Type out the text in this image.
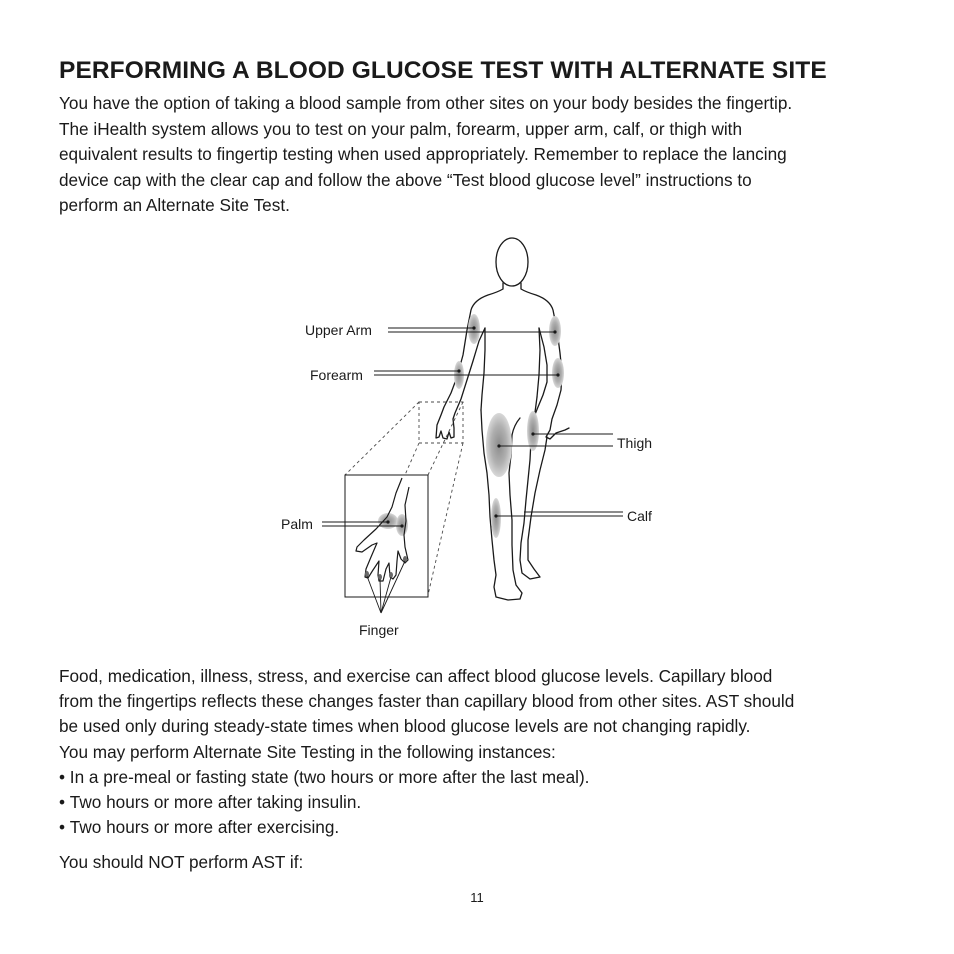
PERFORMING A BLOOD GLUCOSE TEST WITH ALTERNATE SITE

You have the option of taking a blood sample from other sites on your body besides the fingertip.
The iHealth system allows you to test on your palm, forearm, upper arm, calf, or thigh with
equivalent results to fingertip testing when used appropriately. Remember to replace the lancing
device cap with the clear cap and follow the above “Test blood glucose level” instructions to
perform an Alternate Site Test.

Upper Arm
Forearm
Thigh
Calf
Palm
Finger
Food, medication, illness, stress, and exercise can affect blood glucose levels. Capillary blood
from the fingertips reflects these changes faster than capillary blood from other sites. AST should
be used only during steady-state times when blood glucose levels are not changing rapidly.
You may perform Alternate Site Testing in the following instances:
• In a pre-meal or fasting state (two hours or more after the last meal).
• Two hours or more after taking insulin.
• Two hours or more after exercising.

You should NOT perform AST if:

11
